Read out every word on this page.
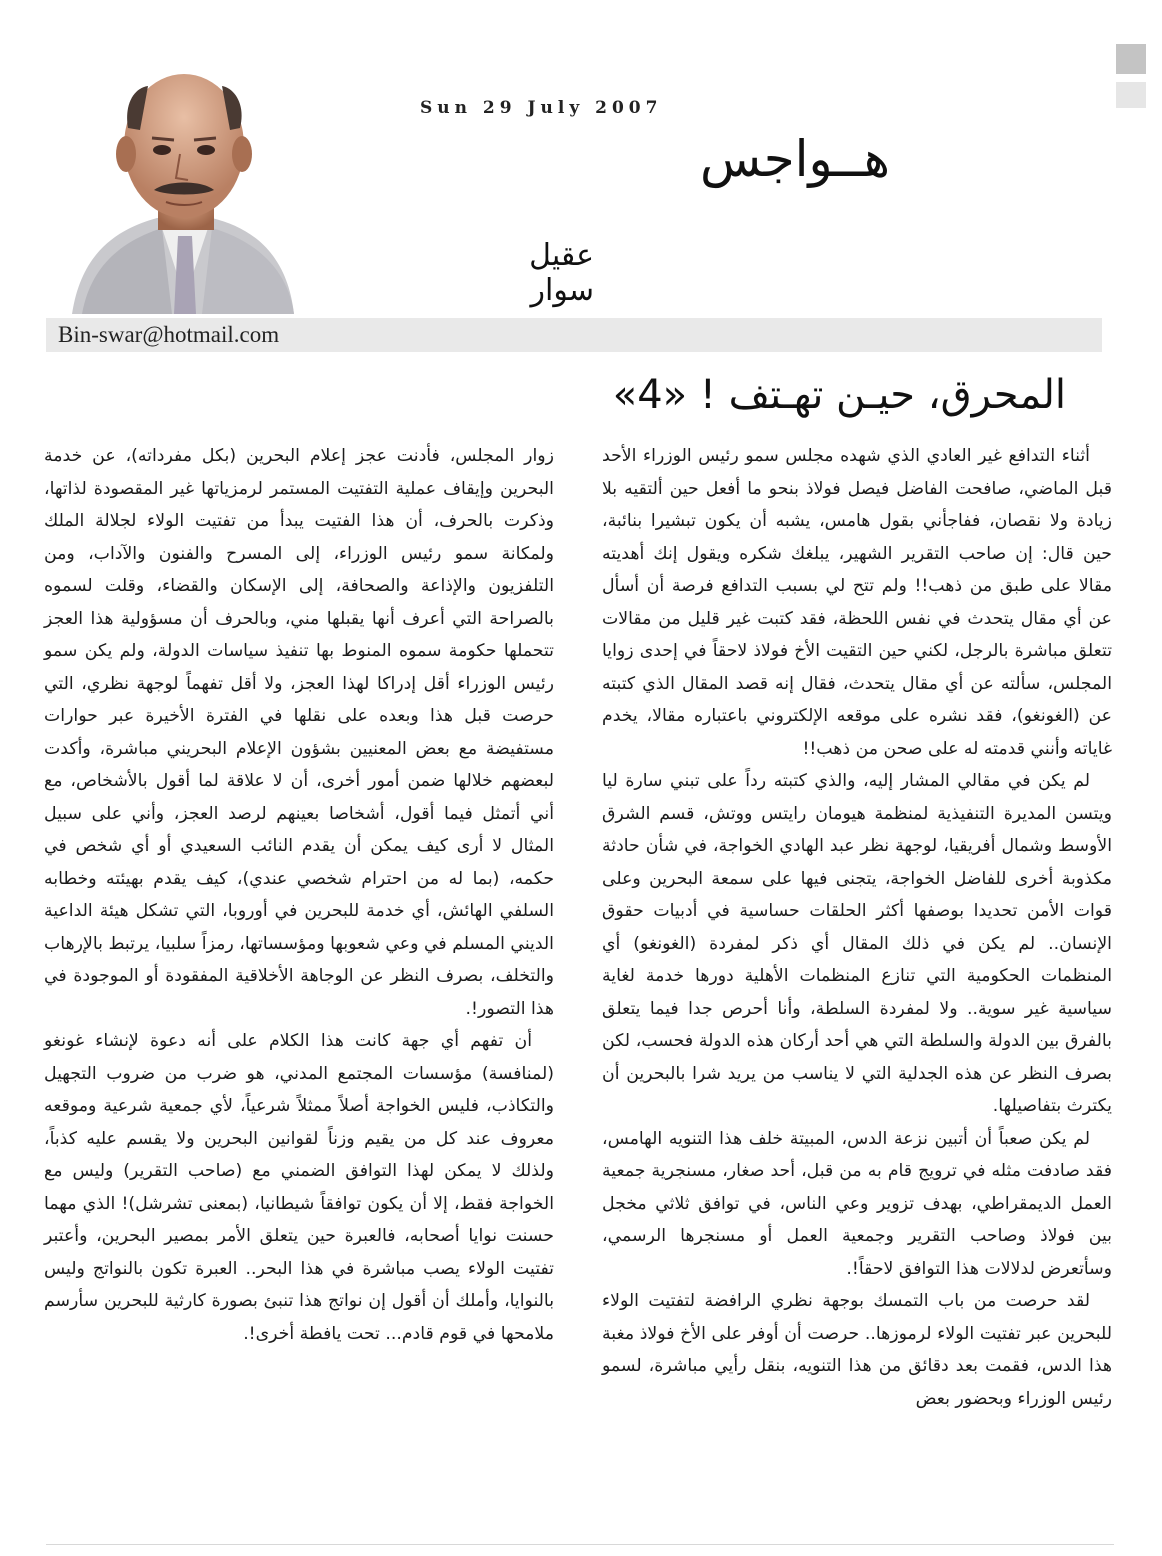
Sun 29 July 2007
هــواجس
عقيل سوار
Bin-swar@hotmail.com
المحرق، حيـن تهـتف ! «4»

أثناء التدافع غير العادي الذي شهده مجلس سمو رئيس الوزراء الأحد قبل الماضي، صافحت الفاضل فيصل فولاذ بنحو ما أفعل حين ألتقيه بلا زيادة ولا نقصان، ففاجأني بقول هامس، يشبه أن يكون تبشيرا بنائبة، حين قال: إن صاحب التقرير الشهير، يبلغك شكره ويقول إنك أهديته مقالا على طبق من ذهب!! ولم تتح لي بسبب التدافع فرصة أن أسأل عن أي مقال يتحدث في نفس اللحظة، فقد كتبت غير قليل من مقالات تتعلق مباشرة بالرجل، لكني حين التقيت الأخ فولاذ لاحقاً في إحدى زوايا المجلس، سألته عن أي مقال يتحدث، فقال إنه قصد المقال الذي كتبته عن (الغونغو)، فقد نشره على موقعه الإلكتروني باعتباره مقالا، يخدم غاياته وأنني قدمته له على صحن من ذهب!!

لم يكن في مقالي المشار إليه، والذي كتبته رداً على تبني سارة ليا ويتسن المديرة التنفيذية لمنظمة هيومان رايتس ووتش، قسم الشرق الأوسط وشمال أفريقيا، لوجهة نظر عبد الهادي الخواجة، في شأن حادثة مكذوبة أخرى للفاضل الخواجة، يتجنى فيها على سمعة البحرين وعلى قوات الأمن تحديدا بوصفها أكثر الحلقات حساسية في أدبيات حقوق الإنسان.. لم يكن في ذلك المقال أي ذكر لمفردة (الغونغو) أي المنظمات الحكومية التي تنازع المنظمات الأهلية دورها خدمة لغاية سياسية غير سوية.. ولا لمفردة السلطة، وأنا أحرص جدا فيما يتعلق بالفرق بين الدولة والسلطة التي هي أحد أركان هذه الدولة فحسب، لكن بصرف النظر عن هذه الجدلية التي لا يناسب من يريد شرا بالبحرين أن يكترث بتفاصيلها.

لم يكن صعباً أن أتبين نزعة الدس، المبيتة خلف هذا التنويه الهامس، فقد صادفت مثله في ترويج قام به من قبل، أحد صغار، مسنجرية جمعية العمل الديمقراطي، بهدف تزوير وعي الناس، في توافق ثلاثي مخجل بين فولاذ وصاحب التقرير وجمعية العمل أو مسنجرها الرسمي، وسأتعرض لدلالات هذا التوافق لاحقاً!.

لقد حرصت من باب التمسك بوجهة نظري الرافضة لتفتيت الولاء للبحرين عبر تفتيت الولاء لرموزها.. حرصت أن أوفر على الأخ فولاذ مغبة هذا الدس، فقمت بعد دقائق من هذا التنويه، بنقل رأيي مباشرة، لسمو رئيس الوزراء وبحضور بعض

زوار المجلس، فأدنت عجز إعلام البحرين (بكل مفرداته)، عن خدمة البحرين وإيقاف عملية التفتيت المستمر لرمزياتها غير المقصودة لذاتها، وذكرت بالحرف، أن هذا الفتيت يبدأ من تفتيت الولاء لجلالة الملك ولمكانة سمو رئيس الوزراء، إلى المسرح والفنون والآداب، ومن التلفزيون والإذاعة والصحافة، إلى الإسكان والقضاء، وقلت لسموه بالصراحة التي أعرف أنها يقبلها مني، وبالحرف أن مسؤولية هذا العجز تتحملها حكومة سموه المنوط بها تنفيذ سياسات الدولة، ولم يكن سمو رئيس الوزراء أقل إدراكا لهذا العجز، ولا أقل تفهماً لوجهة نظري، التي حرصت قبل هذا وبعده على نقلها في الفترة الأخيرة عبر حوارات مستفيضة مع بعض المعنيين بشؤون الإعلام البحريني مباشرة، وأكدت لبعضهم خلالها ضمن أمور أخرى، أن لا علاقة لما أقول بالأشخاص، مع أني أتمثل فيما أقول، أشخاصا بعينهم لرصد العجز، وأني على سبيل المثال لا أرى كيف يمكن أن يقدم النائب السعيدي أو أي شخص في حكمه، (بما له من احترام شخصي عندي)، كيف يقدم بهيئته وخطابه السلفي الهائش، أي خدمة للبحرين في أوروبا، التي تشكل هيئة الداعية الديني المسلم في وعي شعوبها ومؤسساتها، رمزاً سلبيا، يرتبط بالإرهاب والتخلف، بصرف النظر عن الوجاهة الأخلاقية المفقودة أو الموجودة في هذا التصور!.

أن تفهم أي جهة كانت هذا الكلام على أنه دعوة لإنشاء غونغو (لمنافسة) مؤسسات المجتمع المدني، هو ضرب من ضروب التجهيل والتكاذب، فليس الخواجة أصلاً ممثلاً شرعياً، لأي جمعية شرعية وموقعه معروف عند كل من يقيم وزناً لقوانين البحرين ولا يقسم عليه كذباً، ولذلك لا يمكن لهذا التوافق الضمني مع (صاحب التقرير) وليس مع الخواجة فقط، إلا أن يكون توافقاً شيطانيا، (بمعنى تشرشل)! الذي مهما حسنت نوايا أصحابه، فالعبرة حين يتعلق الأمر بمصير البحرين، وأعتبر تفتيت الولاء يصب مباشرة في هذا البحر.. العبرة تكون بالنواتج وليس بالنوايا، وأملك أن أقول إن نواتج هذا تنبئ بصورة كارثية للبحرين سأرسم ملامحها في قوم قادم... تحت يافطة أخرى!.
